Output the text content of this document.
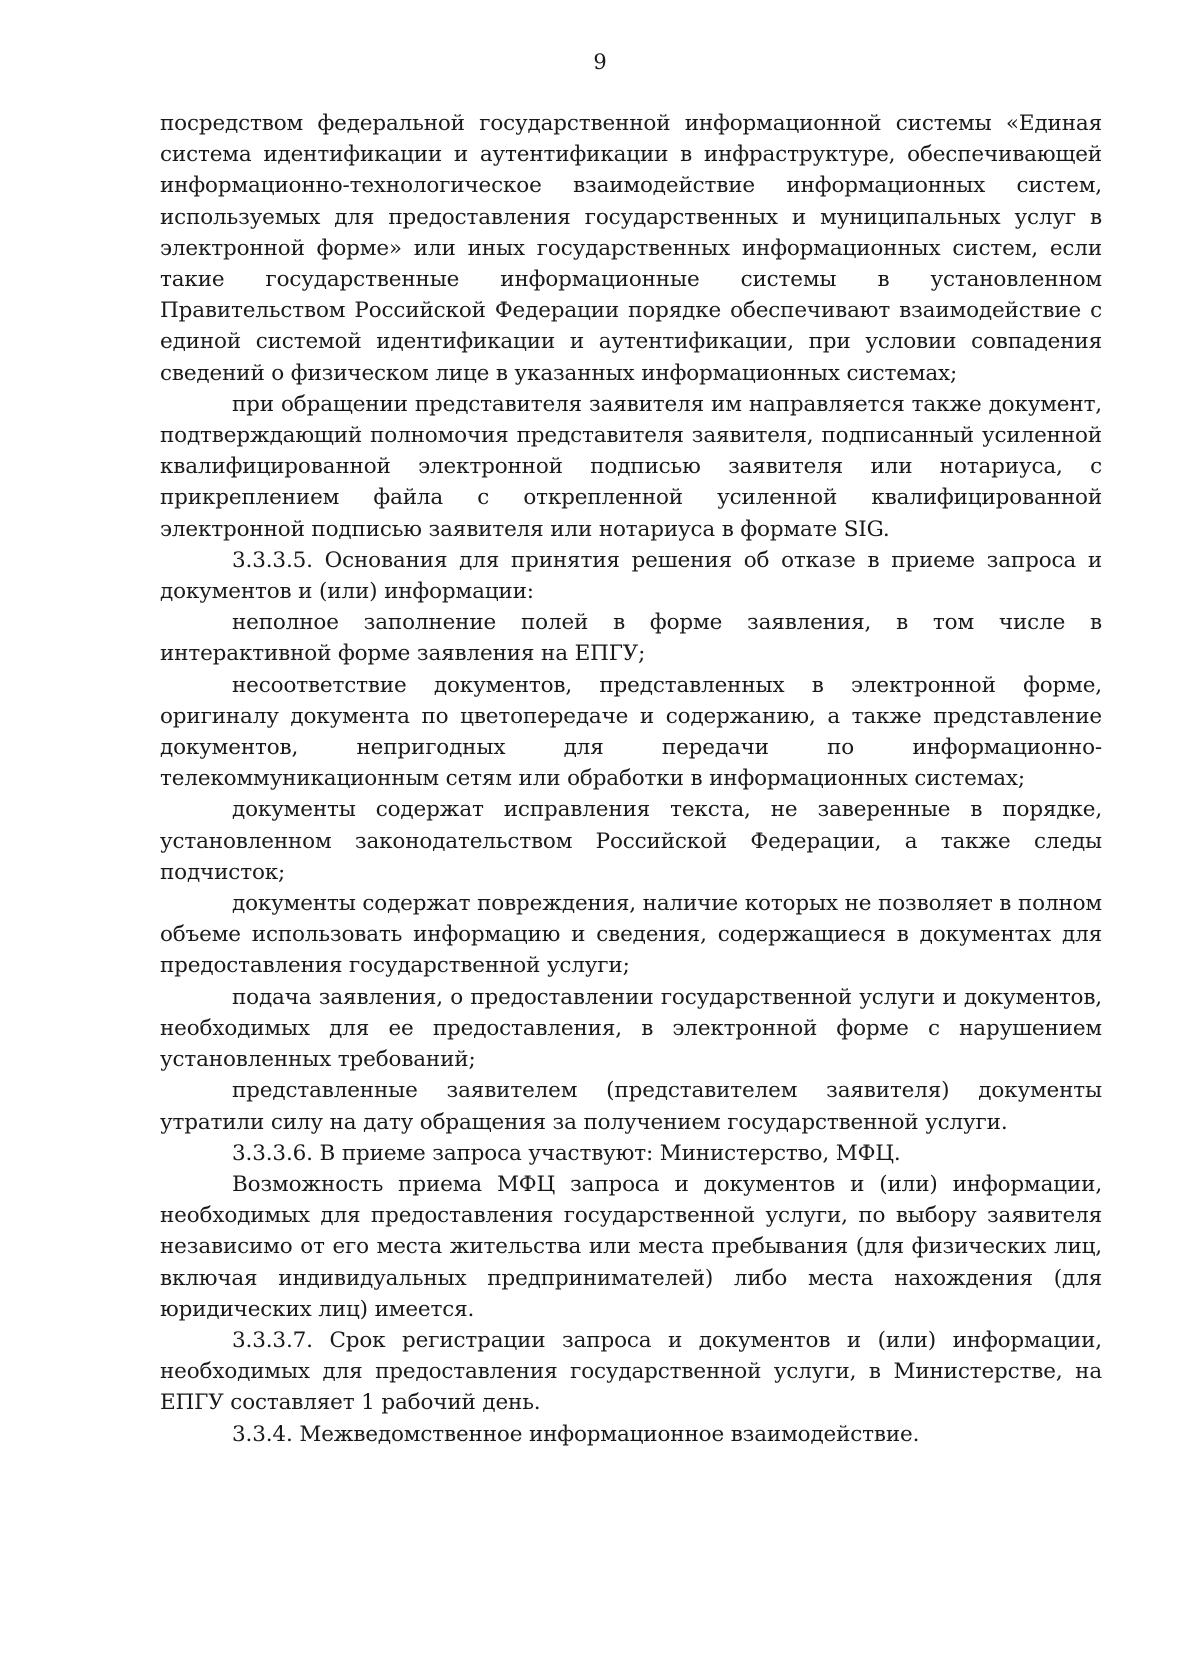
9

посредством федеральной государственной информационной системы «Единая система идентификации и аутентификации в инфраструктуре, обеспечивающей информационно-технологическое взаимодействие информационных систем, используемых для предоставления государственных и муниципальных услуг в электронной форме» или иных государственных информационных систем, если такие государственные информационные системы в установленном Правительством Российской Федерации порядке обеспечивают взаимодействие с единой системой идентификации и аутентификации, при условии совпадения сведений о физическом лице в указанных информационных системах;

при обращении представителя заявителя им направляется также документ, подтверждающий полномочия представителя заявителя, подписанный усиленной квалифицированной электронной подписью заявителя или нотариуса, с прикреплением файла с открепленной усиленной квалифицированной электронной подписью заявителя или нотариуса в формате SIG.

3.3.3.5. Основания для принятия решения об отказе в приеме запроса и документов и (или) информации:

неполное заполнение полей в форме заявления, в том числе в интерактивной форме заявления на ЕПГУ;

несоответствие документов, представленных в электронной форме, оригиналу документа по цветопередаче и содержанию, а также представление документов, непригодных для передачи по информационно-телекоммуникационным сетям или обработки в информационных системах;

документы содержат исправления текста, не заверенные в порядке, установленном законодательством Российской Федерации, а также следы подчисток;

документы содержат повреждения, наличие которых не позволяет в полном объеме использовать информацию и сведения, содержащиеся в документах для предоставления государственной услуги;

подача заявления, о предоставлении государственной услуги и документов, необходимых для ее предоставления, в электронной форме с нарушением установленных требований;

представленные заявителем (представителем заявителя) документы утратили силу на дату обращения за получением государственной услуги.

3.3.3.6. В приеме запроса участвуют: Министерство, МФЦ.

Возможность приема МФЦ запроса и документов и (или) информации, необходимых для предоставления государственной услуги, по выбору заявителя независимо от его места жительства или места пребывания (для физических лиц, включая индивидуальных предпринимателей) либо места нахождения (для юридических лиц) имеется.

3.3.3.7. Срок регистрации запроса и документов и (или) информации, необходимых для предоставления государственной услуги, в Министерстве, на ЕПГУ составляет 1 рабочий день.

3.3.4. Межведомственное информационное взаимодействие.
